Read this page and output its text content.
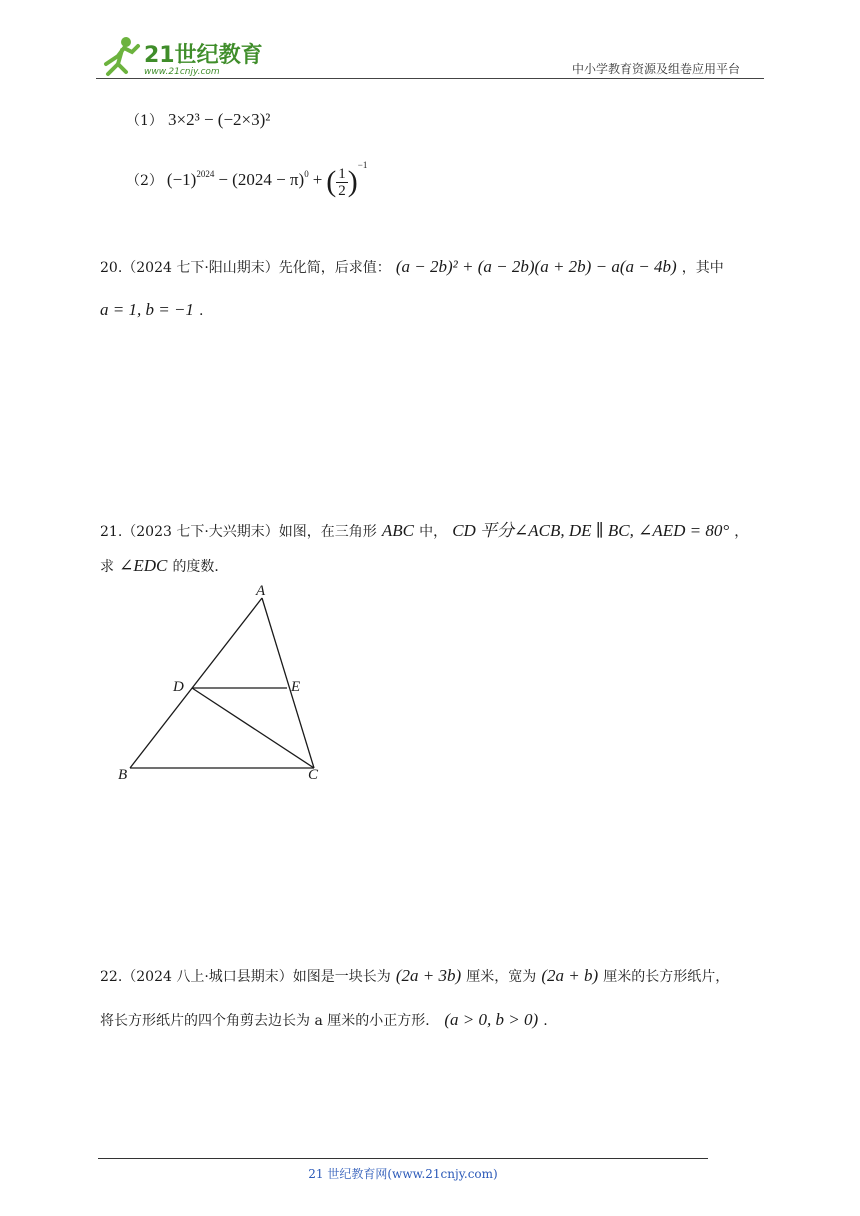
21世纪教育
www.21cnjy.com	中小学教育资源及组卷应用平台
（1） 3×2³ − (−2×3)²
（2） $(-1)^{2024} - (2024 - \pi)^0$ + ( $\frac{1}{2} )^{-1}$
20.（2024 七下·阳山期末）先化简，后求值： (a − 2b)² + (a − 2b)(a + 2b) − a(a − 4b) ，其中
a = 1, b = −1 .
21.（2023 七下·大兴期末）如图，在三角形 ABC 中， CD 平分∠ACB, DE ∥ BC, ∠AED = 80° ，
求 ∠EDC 的度数．
A
D	E
B	C
22.（2024 八上·城口县期末）如图是一块长为 (2a + 3b) 厘米，宽为 (2a + b) 厘米的长方形纸片，
将长方形纸片的四个角剪去边长为 a 厘米的小正方形． (a > 0, b > 0) .
21 世纪教育网(www.21cnjy.com)
